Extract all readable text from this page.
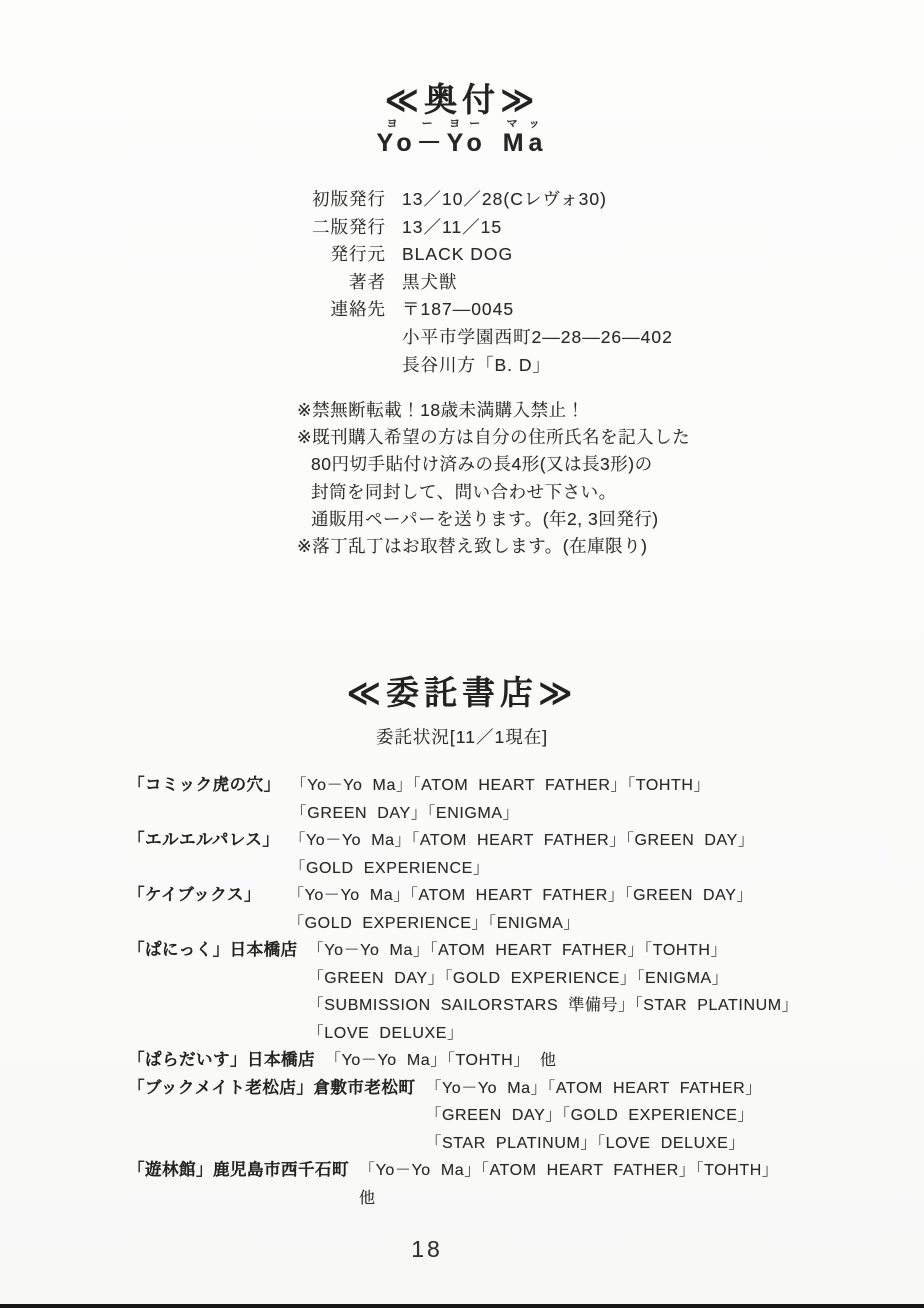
≪奥付≫
Yo－ヨーYoヨーMaマッ
初版発行 13／10／28(Cレヴォ30)
二版発行 13／11／15
発行元 BLACK DOG
著者 黒犬獣
連絡先 〒187—0045
小平市学園西町2—28—26—402
長谷川方「B. D」
※禁無断転載！18歳未満購入禁止！
※既刊購入希望の方は自分の住所氏名を記入した
80円切手貼付け済みの長4形(又は長3形)の
封筒を同封して、問い合わせ下さい。
通販用ペーパーを送ります。(年2, 3回発行)
※落丁乱丁はお取替え致します。(在庫限り)
≪委託書店≫
委託状況[11／1現在]
「コミック虎の穴」 「Yo－Yo Ma」「ATOM HEART FATHER」「TOHTH」
「GREEN DAY」「ENIGMA」
「エルエルパレス」 「Yo－Yo Ma」「ATOM HEART FATHER」「GREEN DAY」
「GOLD EXPERIENCE」
「ケイブックス」	「Yo－Yo Ma」「ATOM HEART FATHER」「GREEN DAY」
「GOLD EXPERIENCE」「ENIGMA」
「ぱにっく」日本橋店 「Yo－Yo Ma」「ATOM HEART FATHER」「TOHTH」
「GREEN DAY」「GOLD EXPERIENCE」「ENIGMA」
「SUBMISSION SAILORSTARS 準備号」「STAR PLATINUM」
「LOVE DELUXE」
「ぱらだいす」日本橋店 「Yo－Yo Ma」「TOHTH」 他
「ブックメイト老松店」倉敷市老松町 「Yo－Yo Ma」「ATOM HEART FATHER」
「GREEN DAY」「GOLD EXPERIENCE」
「STAR PLATINUM」「LOVE DELUXE」
「遊林館」鹿児島市西千石町 「Yo－Yo Ma」「ATOM HEART FATHER」「TOHTH」
他
18
